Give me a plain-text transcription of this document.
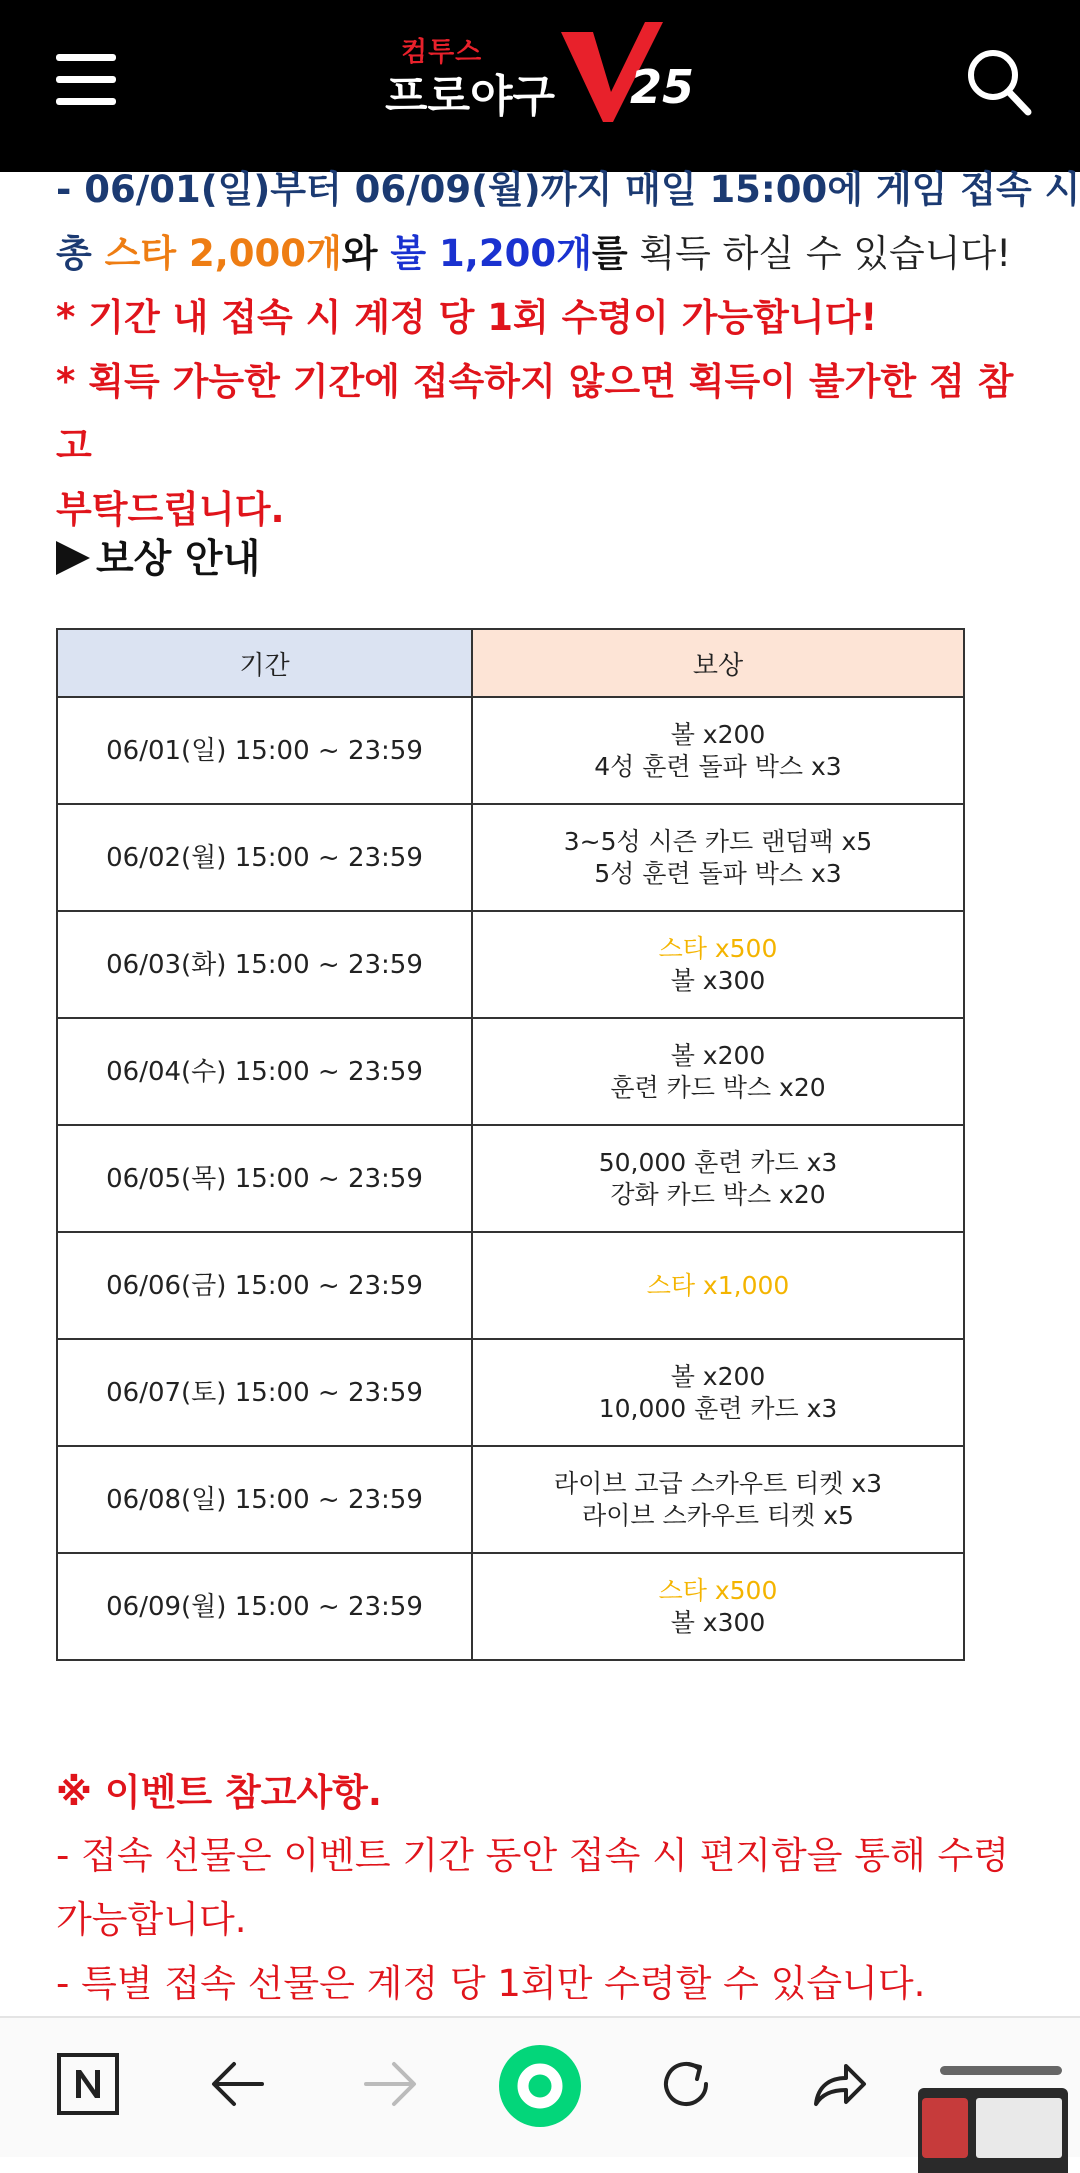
컴투스
프로야구 25

- 06/01(일)부터 06/09(월)까지 매일 15:00에 게임 접속 시

총 스타 2,000개와 볼 1,200개를 획득 하실 수 있습니다!

* 기간 내 접속 시 계정 당 1회 수령이 가능합니다!

* 획득 가능한 기간에 접속하지 않으면 획득이 불가한 점 참고

부탁드립니다.

보상 안내
기간	보상
06/01(일) 15:00 ~ 23:59	볼 x200
4성 훈련 돌파 박스 x3

06/02(월) 15:00 ~ 23:59	3~5성 시즌 카드 랜덤팩 x5
5성 훈련 돌파 박스 x3

06/03(화) 15:00 ~ 23:59	스타 x500
볼 x300

06/04(수) 15:00 ~ 23:59	볼 x200
훈련 카드 박스 x20

06/05(목) 15:00 ~ 23:59	50,000 훈련 카드 x3
강화 카드 박스 x20

06/06(금) 15:00 ~ 23:59	스타 x1,000

06/07(토) 15:00 ~ 23:59	볼 x200
10,000 훈련 카드 x3

06/08(일) 15:00 ~ 23:59	라이브 고급 스카우트 티켓 x3
라이브 스카우트 티켓 x5

06/09(월) 15:00 ~ 23:59	스타 x500
볼 x300

※ 이벤트 참고사항.

- 접속 선물은 이벤트 기간 동안 접속 시 편지함을 통해 수령

가능합니다.

- 특별 접속 선물은 계정 당 1회만 수령할 수 있습니다.
